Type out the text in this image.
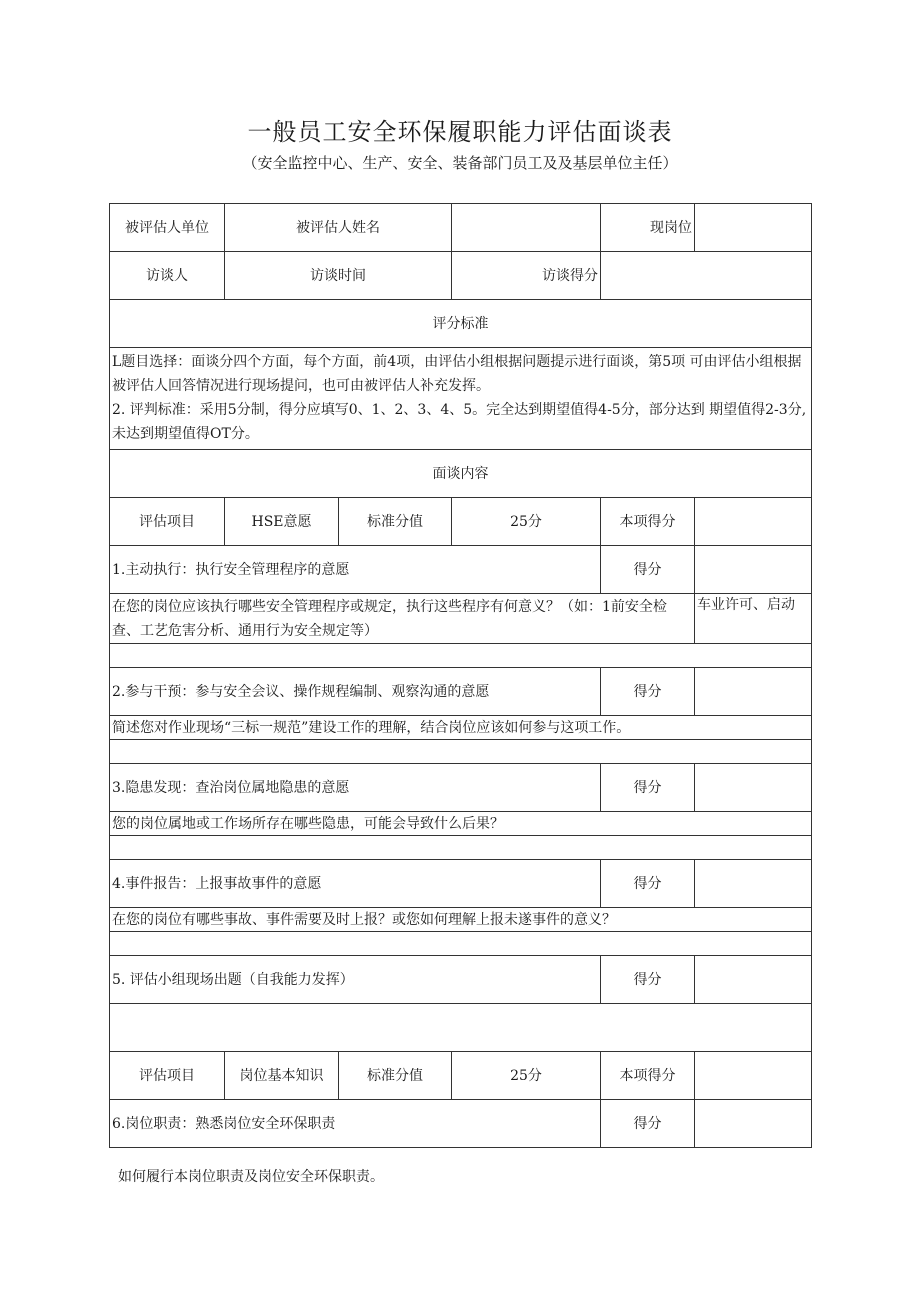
一般员工安全环保履职能力评估面谈表
（安全监控中心、生产、安全、装备部门员工及及基层单位主任）
被评估人单位	被评估人姓名			现岗位	
访谈人	访谈时间		访谈得分		
评分标准					

L题目选择：面谈分四个方面，每个方面，前4项，由评估小组根据问题提示进行面谈，第5项 可由评估小组根据被评估人回答情况进行现场提问，也可由被评估人补充发挥。
2. 评判标准：采用5分制，得分应填写0、1、2、3、4、5。完全达到期望值得4-5分，部分达到 期望值得2-3分,未达到期望值得OT分。					

面谈内容					
评估项目	HSE意愿	标准分值	25分	本项得分	
1.主动执行：执行安全管理程序的意愿				得分	
在您的岗位应该执行哪些安全管理程序或规定，执行这些程序有何意义？（如：1前安全检查、工艺危害分析、通用行为安全规定等）					车业许可、启动

2.参与干预：参与安全会议、操作规程编制、观察沟通的意愿				得分	
简述您对作业现场“三标一规范”建设工作的理解，结合岗位应该如何参与这项工作。					

3.隐患发现：查治岗位属地隐患的意愿				得分	
您的岗位属地或工作场所存在哪些隐患，可能会导致什么后果？					

4.事件报告：上报事故事件的意愿				得分	
在您的岗位有哪些事故、事件需要及时上报？或您如何理解上报未遂事件的意义？					

5. 评估小组现场出题（自我能力发挥）				得分	

评估项目	岗位基本知识	标准分值	25分	本项得分	
6.岗位职责：熟悉岗位安全环保职责				得分	
如何履行本岗位职责及岗位安全环保职责。
